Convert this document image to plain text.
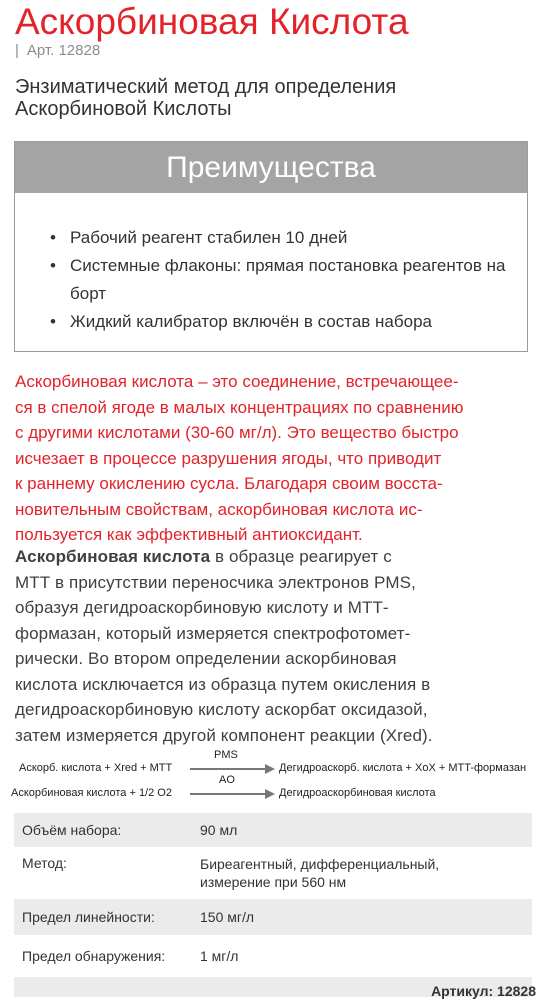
Аскорбиновая Кислота
| Арт. 12828
Энзиматический метод для определения
Аскорбиновой Кислоты
Преимущества
• Рабочий реагент стабилен 10 дней
• Системные флаконы: прямая постановка реагентов на борт
• Жидкий калибратор включён в состав набора

Аскорбиновая кислота – это соединение, встречающее-
ся в спелой ягоде в малых концентрациях по сравнению
с другими кислотами (30-60 мг/л). Это вещество быстро
исчезает в процессе разрушения ягоды, что приводит
к раннему окислению сусла. Благодаря своим восста-
новительным свойствам, аскорбиновая кислота ис-
пользуется как эффективный антиоксидант.

Аскорбиновая кислота в образце реагирует с
МТТ в присутствии переносчика электронов PMS,
образуя дегидроаскорбиновую кислоту и МТТ-
формазан, который измеряется спектрофотомет-
рически. Во втором определении аскорбиновая
кислота исключается из образца путем окисления в
дегидроаскорбиновую кислоту аскорбат оксидазой,
затем измеряется другой компонент реакции (Xred).

Аскорб. кислота + Xred + MTT
PMS
Дегидроаскорб. кислота + XoX + MTT-формазан
Аскорбиновая кислота + 1/2 O2
AO
Дегидроаскорбиновая кислота
Объём набора:	90 мл
Метод:	Биреагентный, дифференциальный,
измерение при 560 нм
Предел линейности:	150 мг/л
Предел обнаружения:	1 мг/л
Артикул: 12828
